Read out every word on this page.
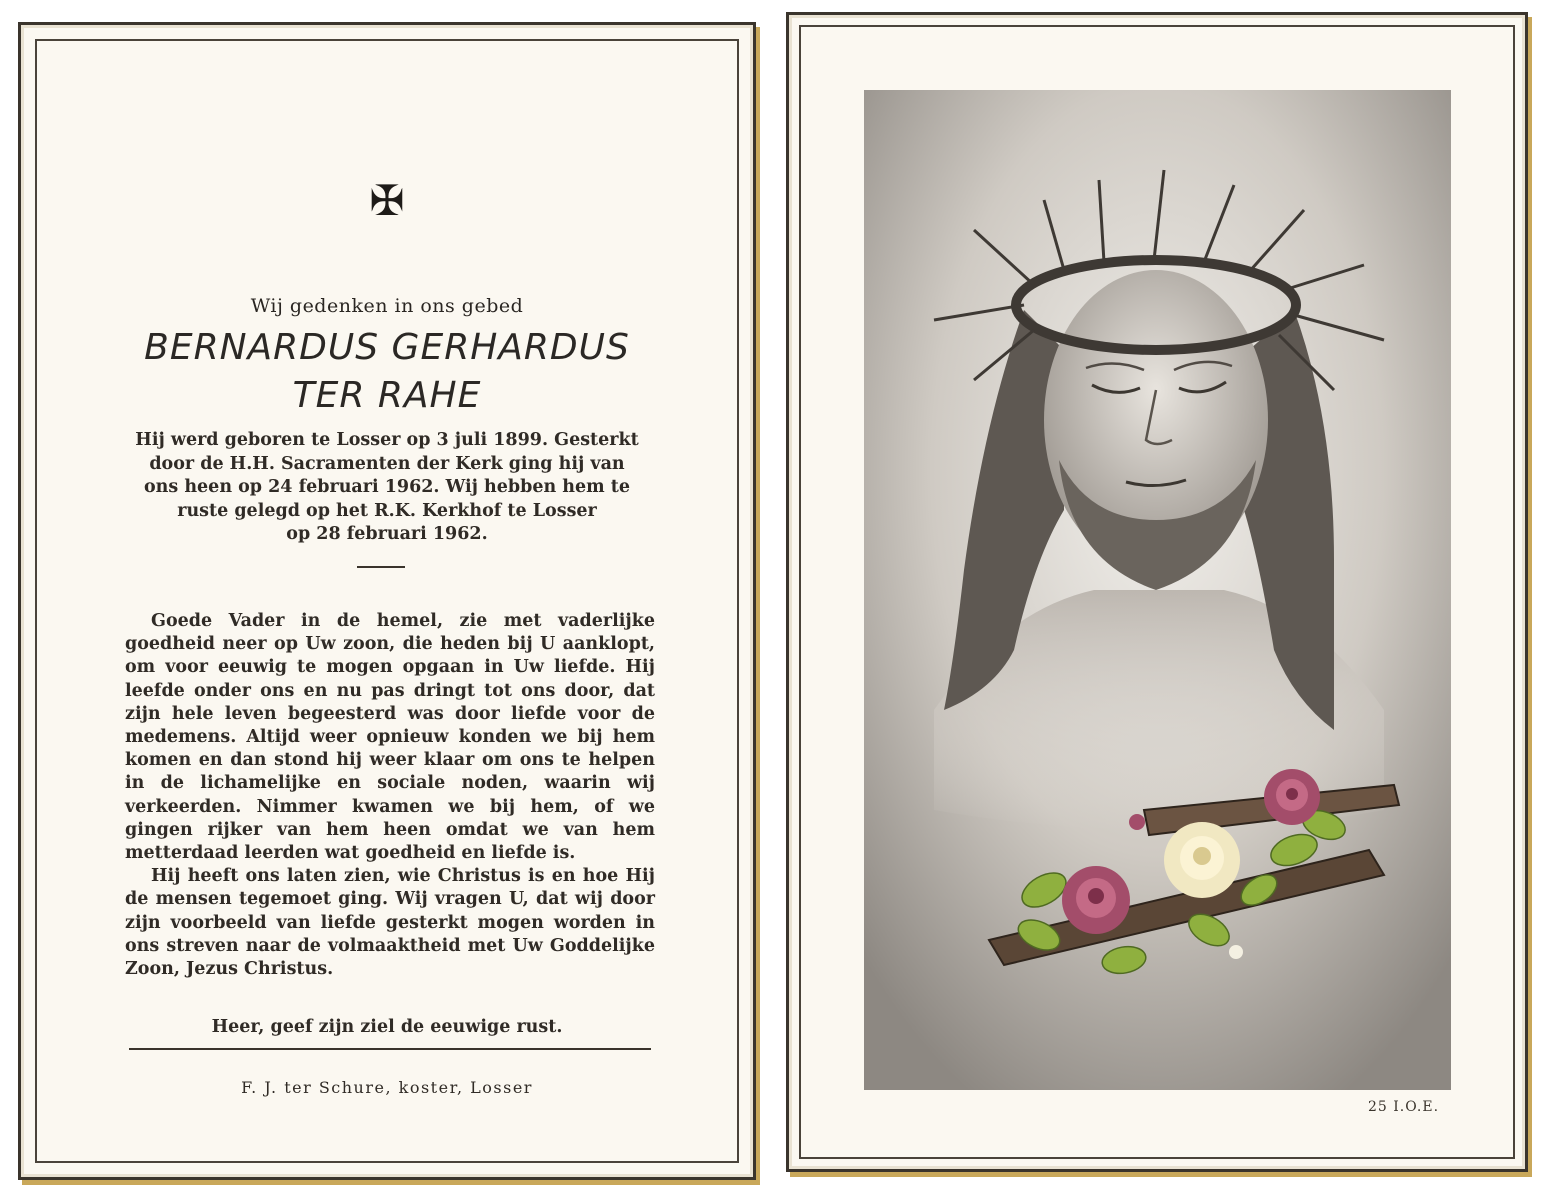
✠
Wij gedenken in ons gebed
BERNARDUS GERHARDUS
TER RAHE
Hij werd geboren te Losser op 3 juli 1899. Gesterkt
door de H.H. Sacramenten der Kerk ging hij van
ons heen op 24 februari 1962. Wij hebben hem te
ruste gelegd op het R.K. Kerkhof te Losser
op 28 februari 1962.

Goede Vader in de hemel, zie met vaderlijke goedheid neer op Uw zoon, die heden bij U aanklopt, om voor eeuwig te mogen opgaan in Uw liefde. Hij leefde onder ons en nu pas dringt tot ons door, dat zijn hele leven begeesterd was door liefde voor de medemens. Altijd weer opnieuw konden we bij hem komen en dan stond hij weer klaar om ons te helpen in de lichamelijke en sociale noden, waarin wij verkeerden. Nimmer kwamen we bij hem, of we gingen rijker van hem heen omdat we van hem metterdaad leerden wat goedheid en liefde is.

Hij heeft ons laten zien, wie Christus is en hoe Hij de mensen tegemoet ging. Wij vragen U, dat wij door zijn voorbeeld van liefde gesterkt mogen worden in ons streven naar de volmaaktheid met Uw Goddelijke Zoon, Jezus Christus.

Heer, geef zijn ziel de eeuwige rust.
F. J. ter Schure, koster, Losser
25 I.O.E.
